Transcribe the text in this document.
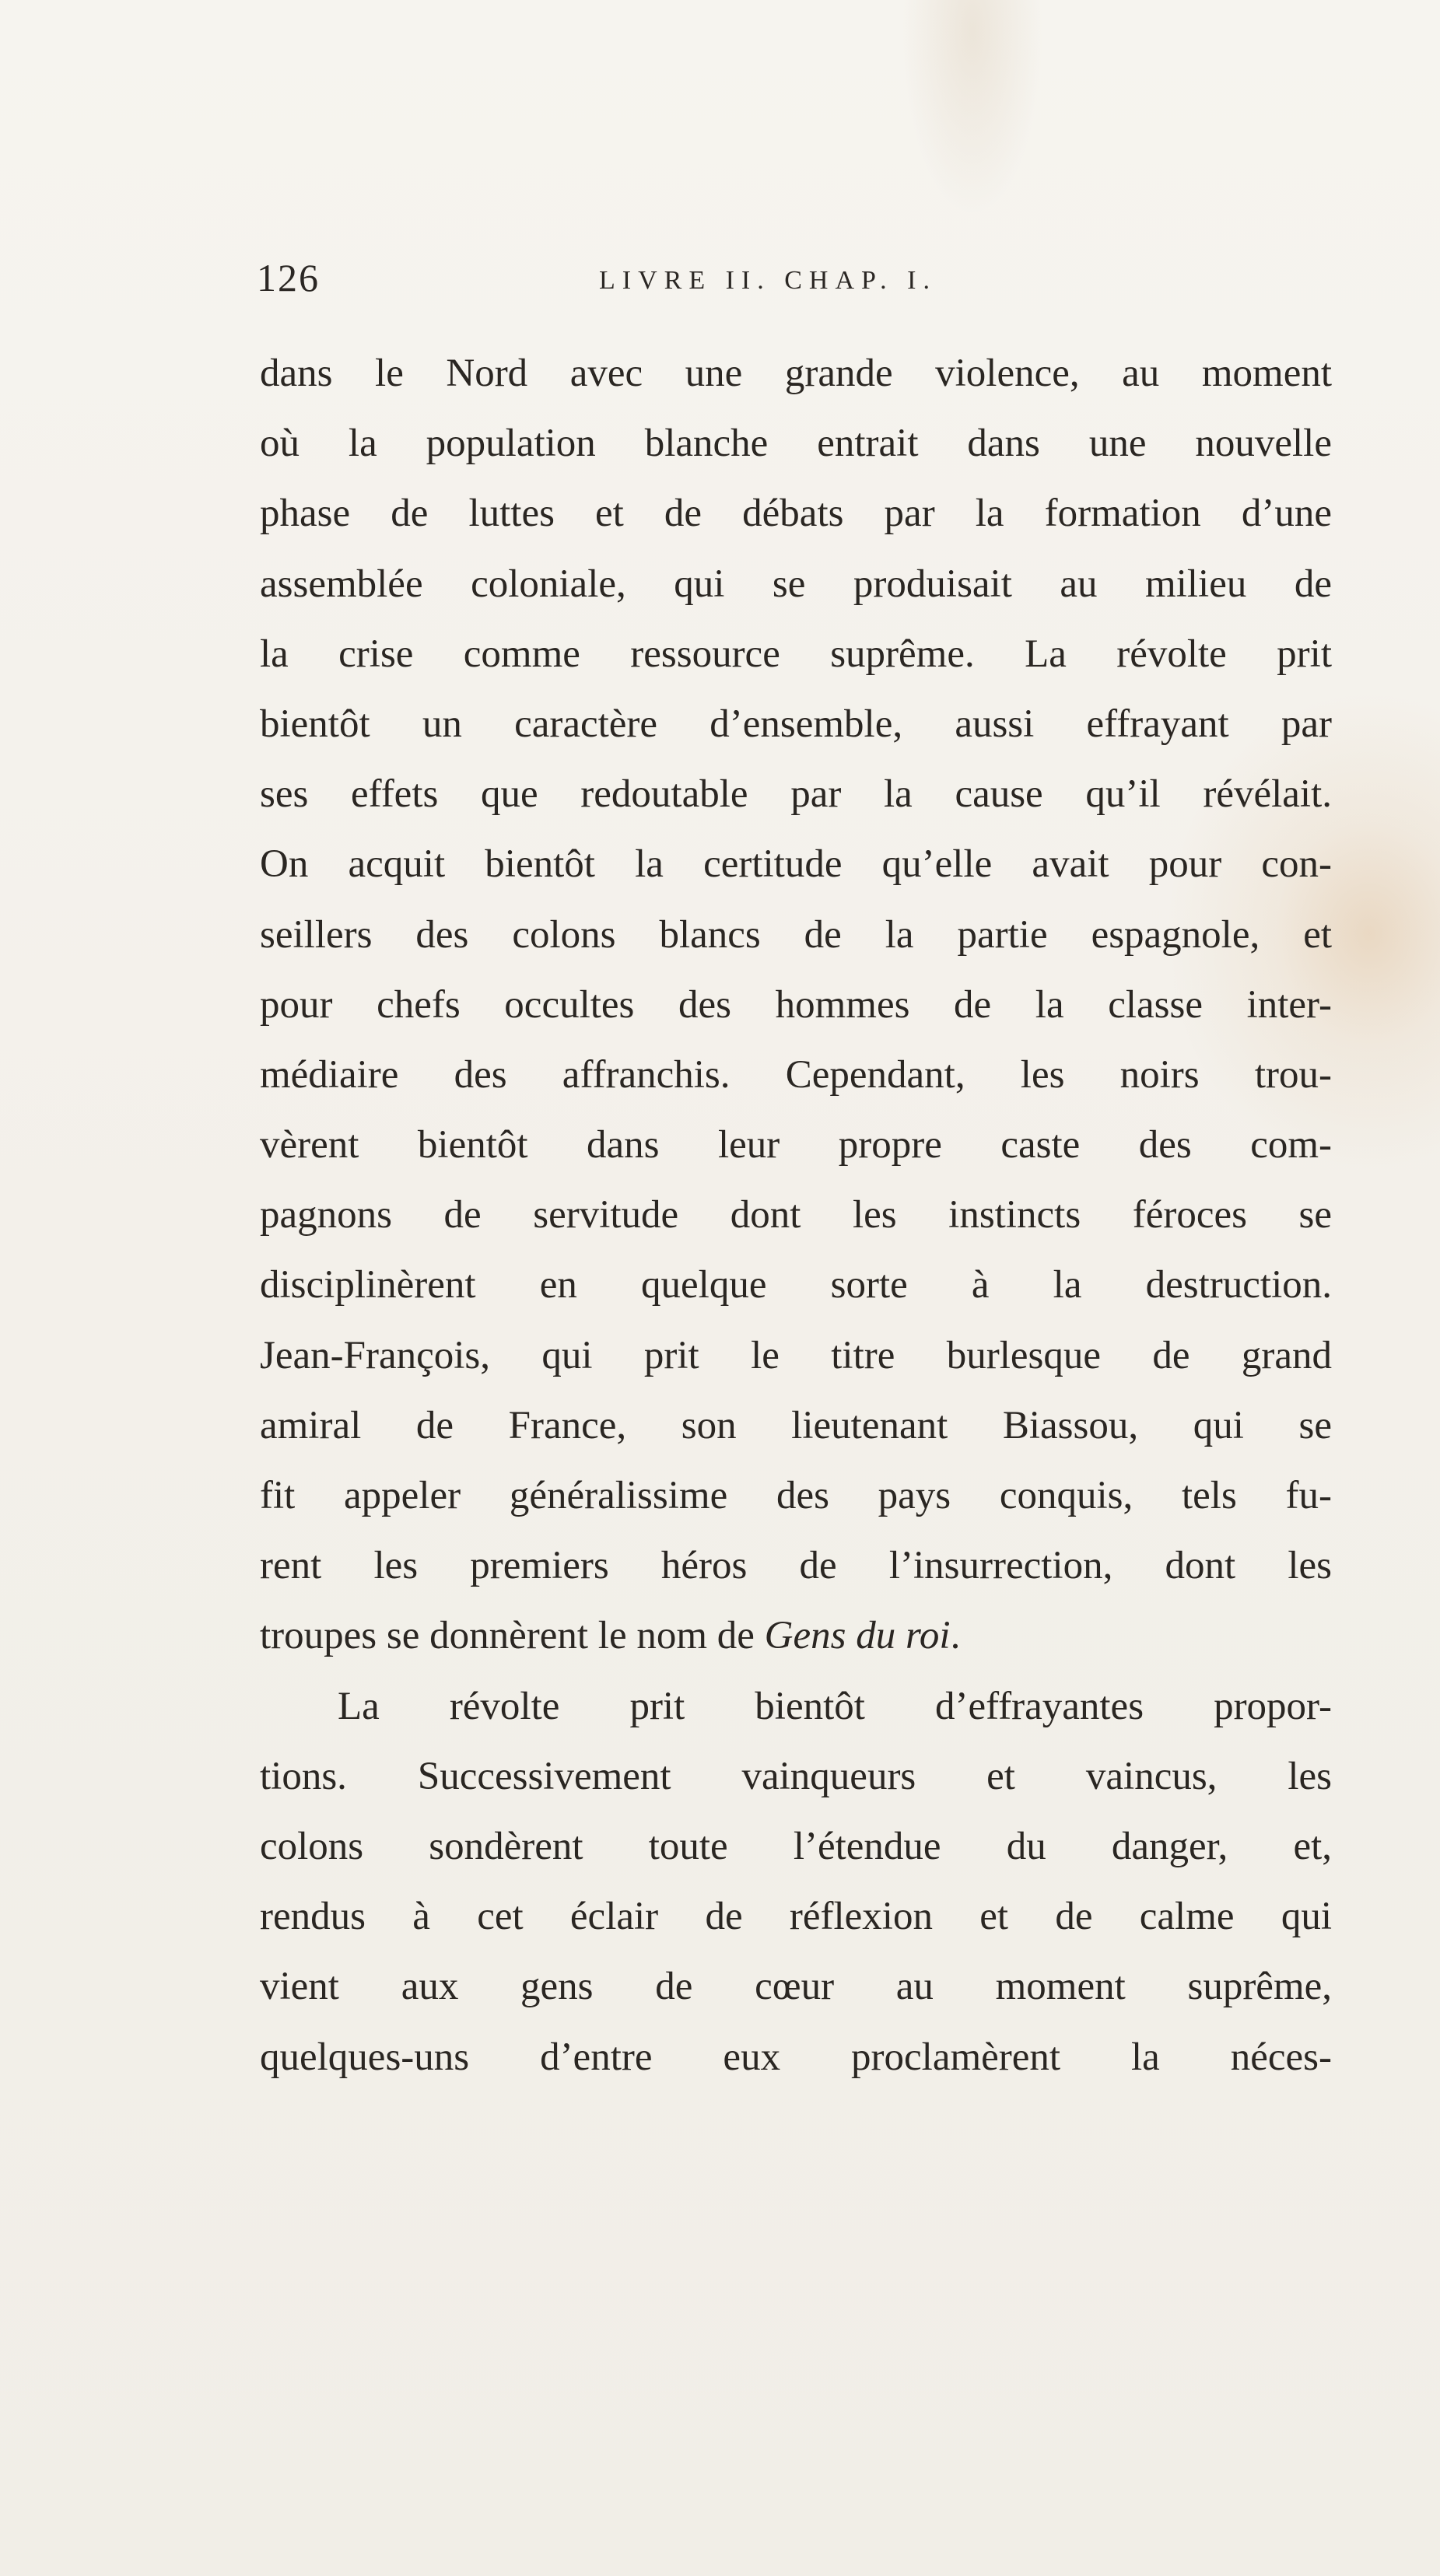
126	LIVRE II. CHAP. I.
dans le Nord avec une grande violence, au moment
où la population blanche entrait dans une nouvelle
phase de luttes et de débats par la formation d’une
assemblée coloniale, qui se produisait au milieu de
la crise comme ressource suprême. La révolte prit
bientôt un caractère d’ensemble, aussi effrayant par
ses effets que redoutable par la cause qu’il révélait.
On acquit bientôt la certitude qu’elle avait pour con-
seillers des colons blancs de la partie espagnole, et
pour chefs occultes des hommes de la classe inter-
médiaire des affranchis. Cependant, les noirs trou-
vèrent bientôt dans leur propre caste des com-
pagnons de servitude dont les instincts féroces se
disciplinèrent en quelque sorte à la destruction.
Jean-François, qui prit le titre burlesque de grand
amiral de France, son lieutenant Biassou, qui se
fit appeler généralissime des pays conquis, tels fu-
rent les premiers héros de l’insurrection, dont les
troupes se donnèrent le nom de Gens du roi.
La révolte prit bientôt d’effrayantes propor-
tions. Successivement vainqueurs et vaincus, les
colons sondèrent toute l’étendue du danger, et,
rendus à cet éclair de réflexion et de calme qui
vient aux gens de cœur au moment suprême,
quelques-uns d’entre eux proclamèrent la néces-
